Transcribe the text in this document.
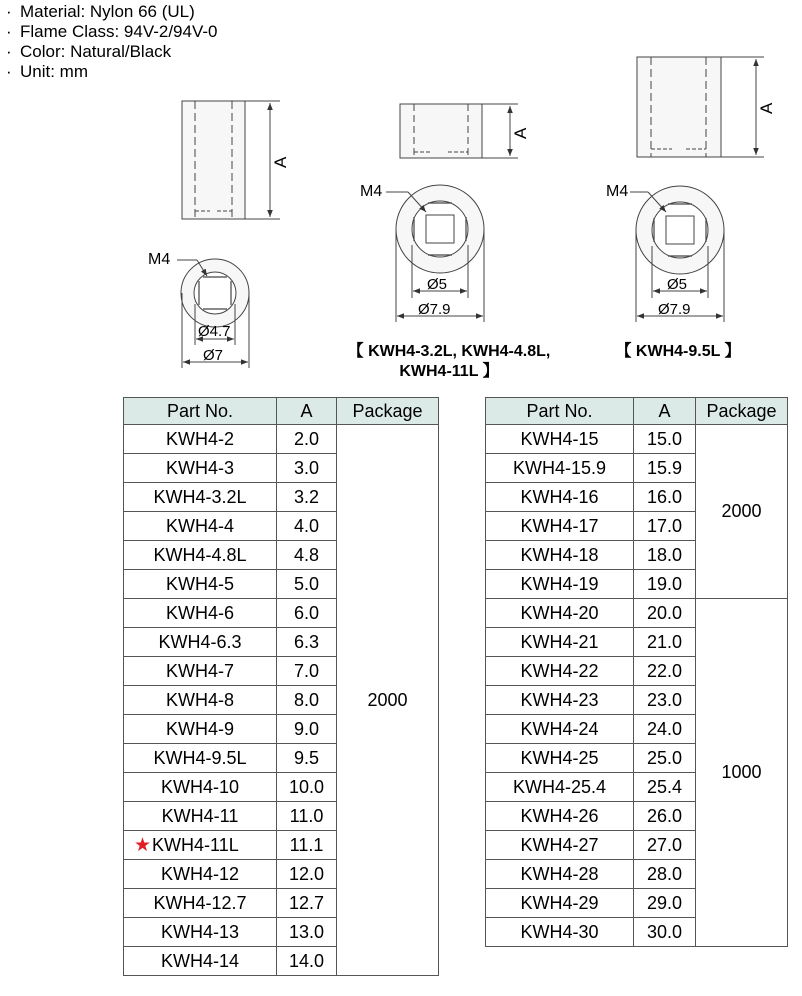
· Material: Nylon 66 (UL)
· Flame Class: 94V-2/94V-0
· Color: Natural/Black
· Unit: mm
A
M4
Ø4.7
Ø7
A
M4
Ø5
Ø7.9
A
M4
Ø5
Ø7.9
【 KWH4-3.2L, KWH4-4.8L,
KWH4-11L 】
【 KWH4-9.5L 】
Part No.	A	Package
KWH4-2	2.0	2000
KWH4-3	3.0	
KWH4-3.2L	3.2	
KWH4-4	4.0	
KWH4-4.8L	4.8	
KWH4-5	5.0	
KWH4-6	6.0	
KWH4-6.3	6.3	
KWH4-7	7.0	
KWH4-8	8.0	
KWH4-9	9.0	
KWH4-9.5L	9.5	
KWH4-10	10.0	
KWH4-11	11.0	
★KWH4-11L	11.1	
KWH4-12	12.0	
KWH4-12.7	12.7	
KWH4-13	13.0	
KWH4-14	14.0	
Part No.	A	Package
KWH4-15	15.0	2000
KWH4-15.9	15.9	
KWH4-16	16.0	
KWH4-17	17.0	
KWH4-18	18.0	
KWH4-19	19.0	
KWH4-20	20.0	1000
KWH4-21	21.0	
KWH4-22	22.0	
KWH4-23	23.0	
KWH4-24	24.0	
KWH4-25	25.0	
KWH4-25.4	25.4	
KWH4-26	26.0	
KWH4-27	27.0	
KWH4-28	28.0	
KWH4-29	29.0	
KWH4-30	30.0	
